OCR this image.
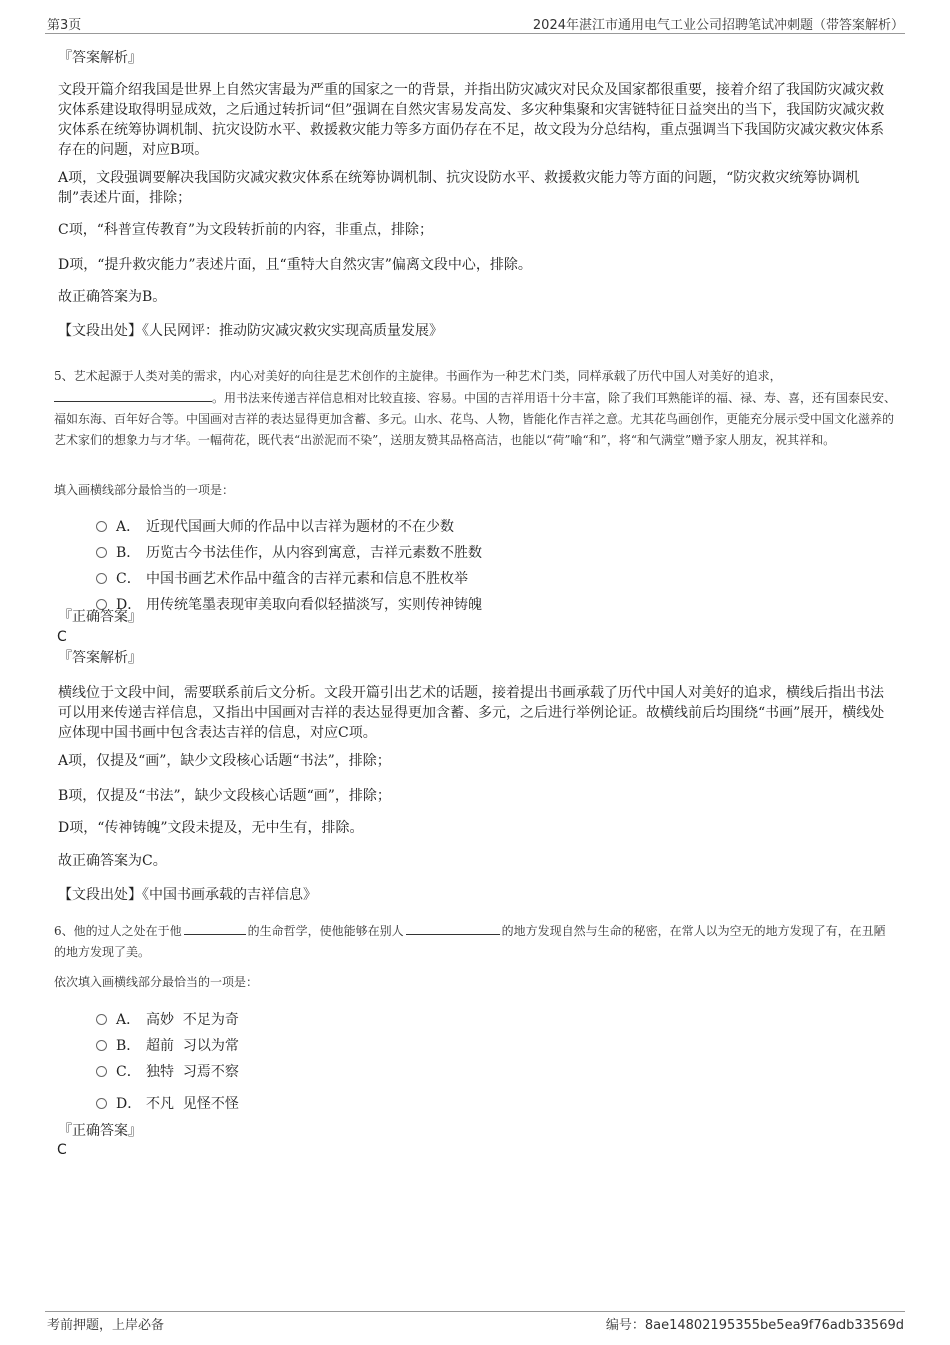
第3页	2024年湛江市通用电气工业公司招聘笔试冲刺题（带答案解析）
『答案解析』
文段开篇介绍我国是世界上自然灾害最为严重的国家之一的背景，并指出防灾减灾对民众及国家都很重要，接着介绍了我国防灾减灾救灾体系建设取得明显成效，之后通过转折词“但”强调在自然灾害易发高发、多灾种集聚和灾害链特征日益突出的当下，我国防灾减灾救灾体系在统筹协调机制、抗灾设防水平、救援救灾能力等多方面仍存在不足，故文段为分总结构，重点强调当下我国防灾减灾救灾体系存在的问题，对应B项。
A项，文段强调要解决我国防灾减灾救灾体系在统筹协调机制、抗灾设防水平、救援救灾能力等方面的问题，“防灾救灾统筹协调机制”表述片面，排除；
C项，“科普宣传教育”为文段转折前的内容，非重点，排除；
D项，“提升救灾能力”表述片面，且“重特大自然灾害”偏离文段中心，排除。
故正确答案为B。
【文段出处】《人民网评：推动防灾减灾救灾实现高质量发展》
5、艺术起源于人类对美的需求，内心对美好的向往是艺术创作的主旋律。书画作为一种艺术门类，同样承载了历代中国人对美好的追求，。用书法来传递吉祥信息相对比较直接、容易。中国的吉祥用语十分丰富，除了我们耳熟能详的福、禄、寿、喜，还有国泰民安、福如东海、百年好合等。中国画对吉祥的表达显得更加含蓄、多元。山水、花鸟、人物，皆能化作吉祥之意。尤其花鸟画创作，更能充分展示受中国文化滋养的艺术家们的想象力与才华。一幅荷花，既代表“出淤泥而不染”，送朋友赞其品格高洁，也能以“荷”喻“和”，将“和气满堂”赠予家人朋友，祝其祥和。
填入画横线部分最恰当的一项是：
A． 近现代国画大师的作品中以吉祥为题材的不在少数
B． 历览古今书法佳作，从内容到寓意，吉祥元素数不胜数
C． 中国书画艺术作品中蕴含的吉祥元素和信息不胜枚举
D． 用传统笔墨表现审美取向看似轻描淡写，实则传神铸魄
『正确答案』
C
『答案解析』
横线位于文段中间，需要联系前后文分析。文段开篇引出艺术的话题，接着提出书画承载了历代中国人对美好的追求，横线后指出书法可以用来传递吉祥信息，又指出中国画对吉祥的表达显得更加含蓄、多元，之后进行举例论证。故横线前后均围绕“书画”展开，横线处应体现中国书画中包含表达吉祥的信息，对应C项。
A项，仅提及“画”，缺少文段核心话题“书法”，排除；
B项，仅提及“书法”，缺少文段核心话题“画”，排除；
D项，“传神铸魄”文段未提及，无中生有，排除。
故正确答案为C。
【文段出处】《中国书画承载的吉祥信息》
6、他的过人之处在于他	的生命哲学，使他能够在别人	的地方发现自然与生命的秘密，在常人以为空无的地方发现了有，在丑陋的地方发现了美。
依次填入画横线部分最恰当的一项是：
A． 高妙  不足为奇
B． 超前  习以为常
C． 独特  习焉不察
D． 不凡  见怪不怪
『正确答案』
C
考前押题，上岸必备	编号：8ae14802195355be5ea9f76adb33569d
